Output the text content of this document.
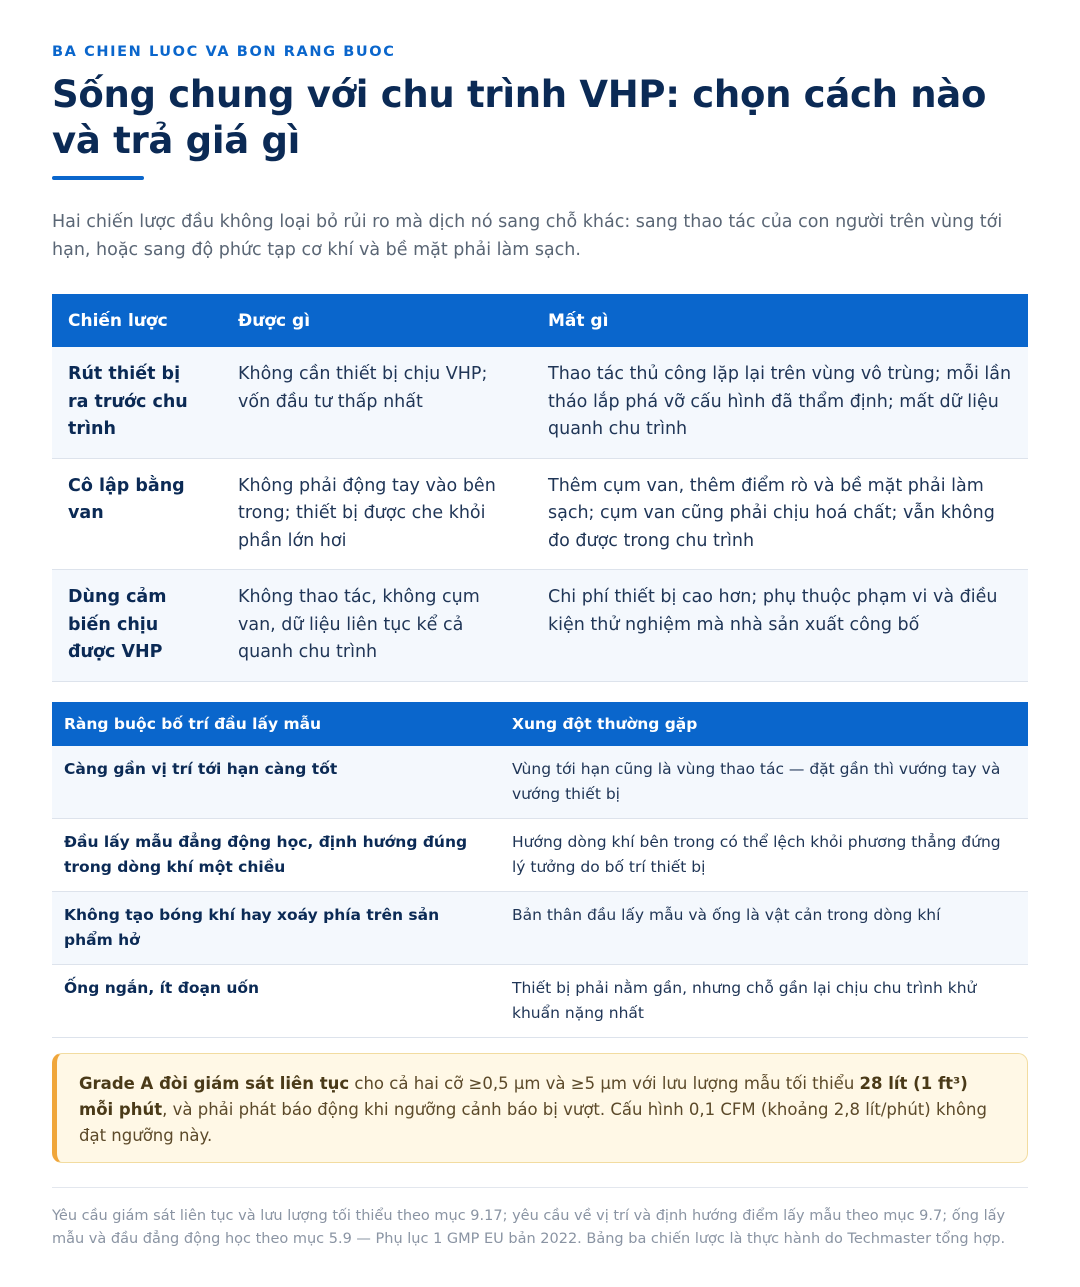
BA CHIEN LUOC VA BON RANG BUOC
Sống chung với chu trình VHP: chọn cách nào và trả giá gì

Hai chiến lược đầu không loại bỏ rủi ro mà dịch nó sang chỗ khác: sang thao tác của con người trên vùng tới hạn, hoặc sang độ phức tạp cơ khí và bề mặt phải làm sạch.

Chiến lược	Được gì	Mất gì
Rút thiết bị ra trước chu trình	Không cần thiết bị chịu VHP; vốn đầu tư thấp nhất	Thao tác thủ công lặp lại trên vùng vô trùng; mỗi lần tháo lắp phá vỡ cấu hình đã thẩm định; mất dữ liệu quanh chu trình
Cô lập bằng van	Không phải động tay vào bên trong; thiết bị được che khỏi phần lớn hơi	Thêm cụm van, thêm điểm rò và bề mặt phải làm sạch; cụm van cũng phải chịu hoá chất; vẫn không đo được trong chu trình
Dùng cảm biến chịu được VHP	Không thao tác, không cụm van, dữ liệu liên tục kể cả quanh chu trình	Chi phí thiết bị cao hơn; phụ thuộc phạm vi và điều kiện thử nghiệm mà nhà sản xuất công bố
Ràng buộc bố trí đầu lấy mẫu	Xung đột thường gặp
Càng gần vị trí tới hạn càng tốt	Vùng tới hạn cũng là vùng thao tác — đặt gần thì vướng tay và vướng thiết bị
Đầu lấy mẫu đẳng động học, định hướng đúng trong dòng khí một chiều	Hướng dòng khí bên trong có thể lệch khỏi phương thẳng đứng lý tưởng do bố trí thiết bị
Không tạo bóng khí hay xoáy phía trên sản phẩm hở	Bản thân đầu lấy mẫu và ống là vật cản trong dòng khí
Ống ngắn, ít đoạn uốn	Thiết bị phải nằm gần, nhưng chỗ gần lại chịu chu trình khử khuẩn nặng nhất
Grade A đòi giám sát liên tục cho cả hai cỡ ≥0,5 µm và ≥5 µm với lưu lượng mẫu tối thiểu 28 lít (1 ft³) mỗi phút, và phải phát báo động khi ngưỡng cảnh báo bị vượt. Cấu hình 0,1 CFM (khoảng 2,8 lít/phút) không đạt ngưỡng này.

Yêu cầu giám sát liên tục và lưu lượng tối thiểu theo mục 9.17; yêu cầu về vị trí và định hướng điểm lấy mẫu theo mục 9.7; ống lấy mẫu và đầu đẳng động học theo mục 5.9 — Phụ lục 1 GMP EU bản 2022. Bảng ba chiến lược là thực hành do Techmaster tổng hợp.
